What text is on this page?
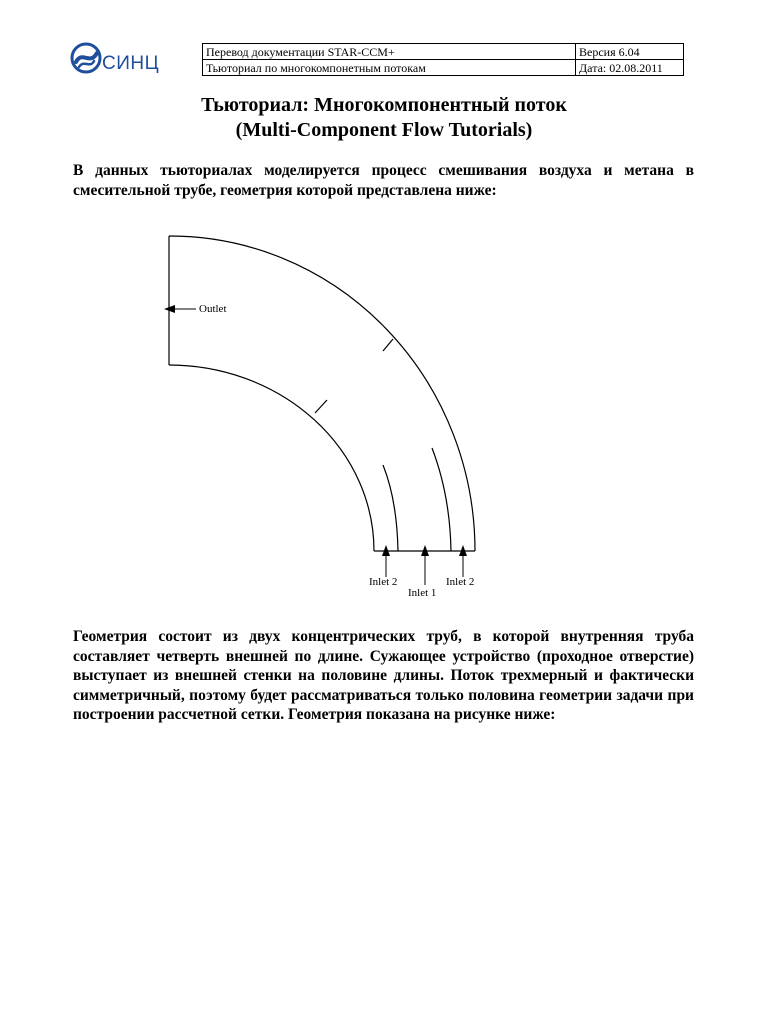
СИНЦ
Перевод документации STAR-CCM+	Версия 6.04
Тьюториал по многокомпонетным потокам	Дата: 02.08.2011
Тьюториал: Многокомпонентный поток
(Multi-Component Flow Tutorials)

В данных тьюториалах моделируется процесс смешивания воздуха и метана в смесительной трубе, геометрия которой представлена ниже:

Outlet
Inlet 2
Inlet 1
Inlet 2

Геометрия состоит из двух концентрических труб, в которой внутренняя труба составляет четверть внешней по длине. Сужающее устройство (проходное отверстие) выступает из внешней стенки на половине длины. Поток трехмерный и фактически симметричный, поэтому будет рассматриваться только половина геометрии задачи при построении рассчетной сетки. Геометрия показана на рисунке ниже:
